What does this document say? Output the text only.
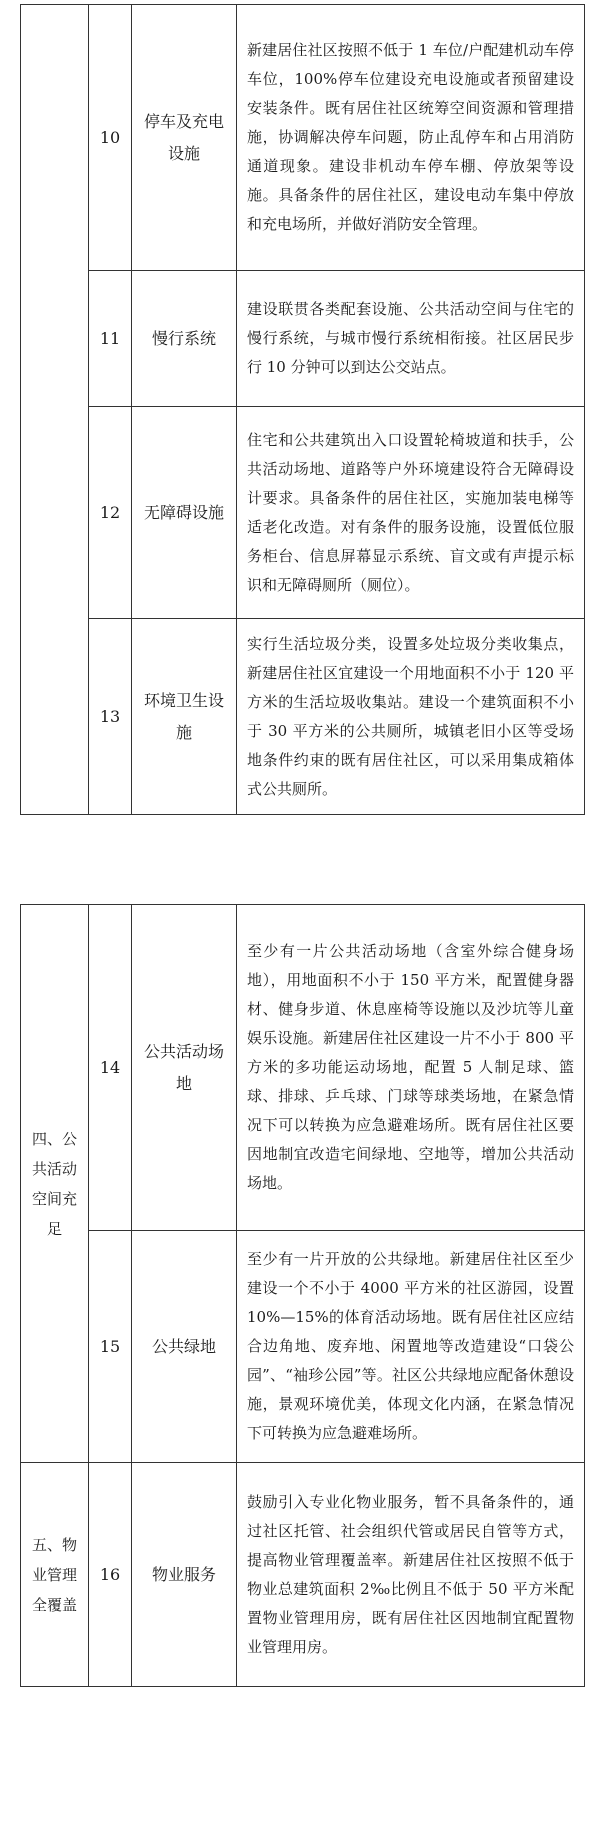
	10	停车及充电设施	新建居住社区按照不低于 1 车位/户配建机动车停车位，100%停车位建设充电设施或者预留建设安装条件。既有居住社区统筹空间资源和管理措施，协调解决停车问题，防止乱停车和占用消防通道现象。建设非机动车停车棚、停放架等设施。具备条件的居住社区，建设电动车集中停放和充电场所，并做好消防安全管理。
	11	慢行系统	建设联贯各类配套设施、公共活动空间与住宅的慢行系统，与城市慢行系统相衔接。社区居民步行 10 分钟可以到达公交站点。
	12	无障碍设施	住宅和公共建筑出入口设置轮椅坡道和扶手，公共活动场地、道路等户外环境建设符合无障碍设计要求。具备条件的居住社区，实施加装电梯等适老化改造。对有条件的服务设施，设置低位服务柜台、信息屏幕显示系统、盲文或有声提示标识和无障碍厕所（厕位）。
	13	环境卫生设施	实行生活垃圾分类，设置多处垃圾分类收集点，新建居住社区宜建设一个用地面积不小于 120 平方米的生活垃圾收集站。建设一个建筑面积不小于 30 平方米的公共厕所，城镇老旧小区等受场地条件约束的既有居住社区，可以采用集成箱体式公共厕所。
四、公共活动空间充足	14	公共活动场地	至少有一片公共活动场地（含室外综合健身场地），用地面积不小于 150 平方米，配置健身器材、健身步道、休息座椅等设施以及沙坑等儿童娱乐设施。新建居住社区建设一片不小于 800 平方米的多功能运动场地，配置 5 人制足球、篮球、排球、乒乓球、门球等球类场地，在紧急情况下可以转换为应急避难场所。既有居住社区要因地制宜改造宅间绿地、空地等，增加公共活动场地。
	15	公共绿地	至少有一片开放的公共绿地。新建居住社区至少建设一个不小于 4000 平方米的社区游园，设置 10%—15%的体育活动场地。既有居住社区应结合边角地、废弃地、闲置地等改造建设“口袋公园”、“袖珍公园”等。社区公共绿地应配备休憩设施，景观环境优美，体现文化内涵，在紧急情况下可转换为应急避难场所。
五、物业管理全覆盖	16	物业服务	鼓励引入专业化物业服务，暂不具备条件的，通过社区托管、社会组织代管或居民自管等方式，提高物业管理覆盖率。新建居住社区按照不低于物业总建筑面积 2‰比例且不低于 50 平方米配置物业管理用房，既有居住社区因地制宜配置物业管理用房。
